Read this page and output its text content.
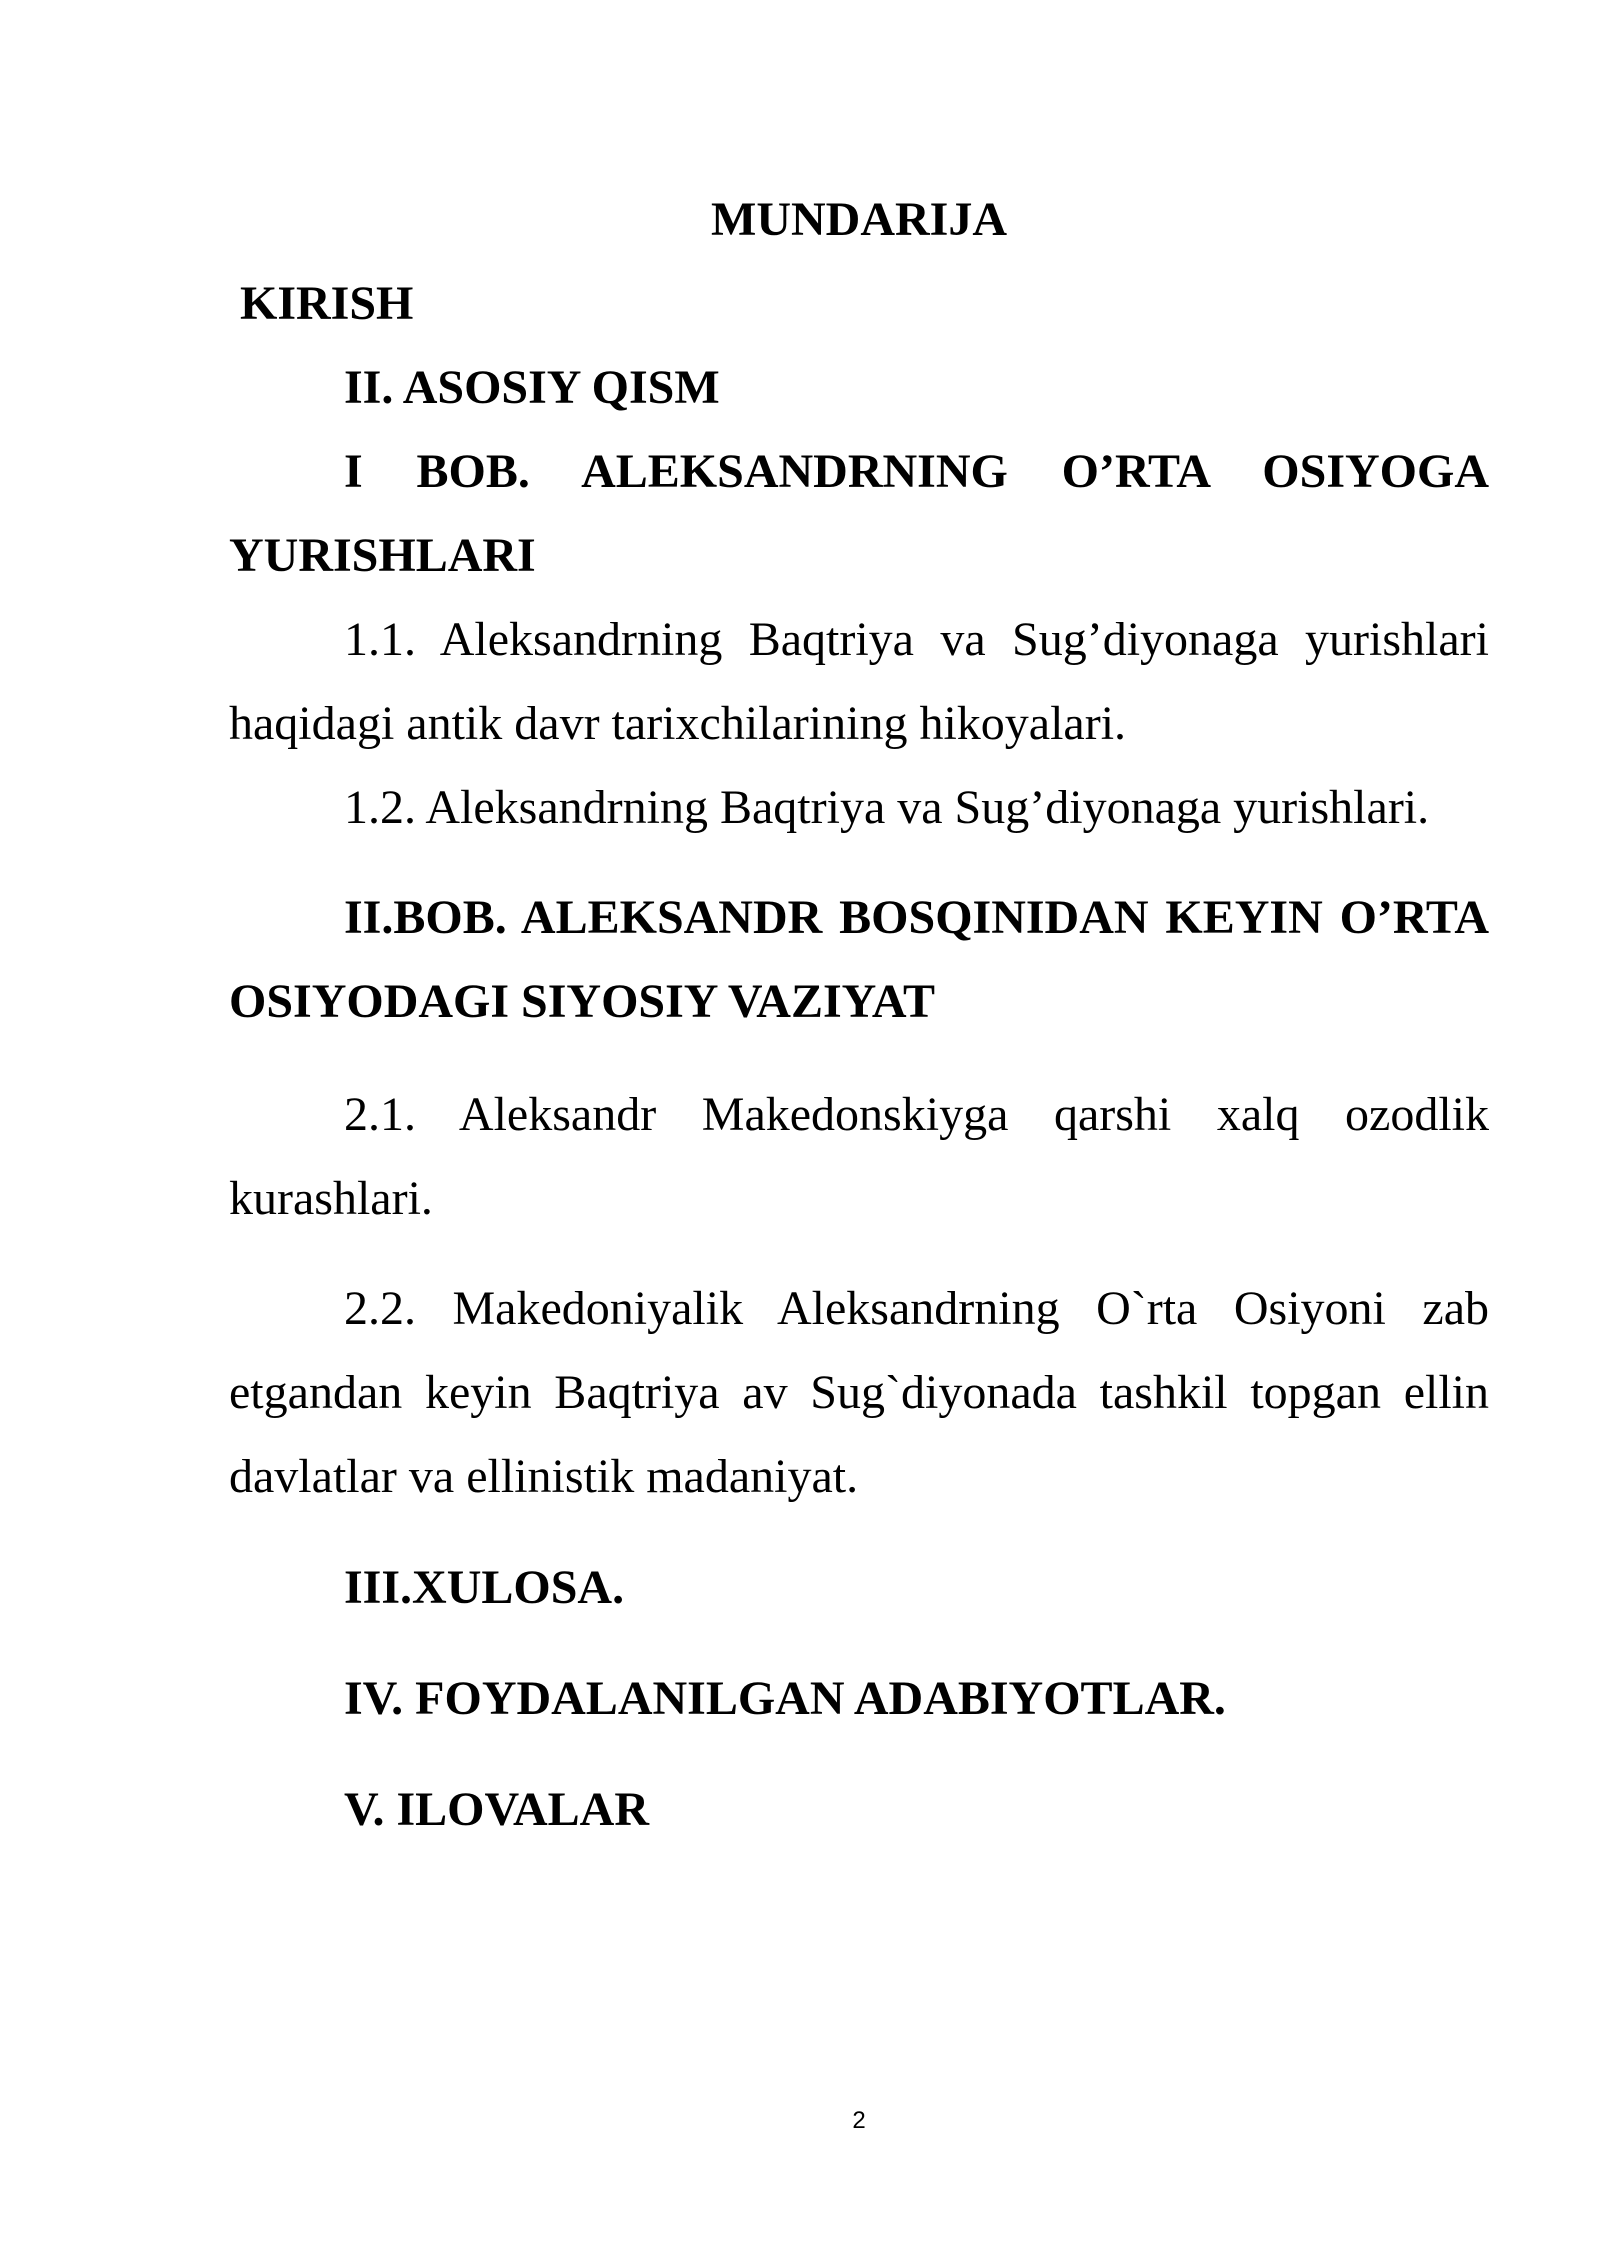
MUNDARIJA
KIRISH
II. ASOSIY QISM
I BOB. ALEKSANDRNING O’RTA OSIYOGA
YURISHLARI
1.1. Aleksandrning Baqtriya va Sug’diyonaga yurishlari
haqidagi antik davr tarixchilarining hikoyalari.
1.2. Aleksandrning Baqtriya va Sug’diyonaga yurishlari.
II.BOB. ALEKSANDR BOSQINIDAN KEYIN O’RTA
OSIYODAGI SIYOSIY VAZIYAT
2.1. Aleksandr Makedonskiyga qarshi xalq ozodlik
kurashlari.
2.2. Makedoniyalik Aleksandrning O`rta Osiyoni zab
etgandan keyin Baqtriya av Sug`diyonada tashkil topgan ellin
davlatlar va ellinistik madaniyat.
III.XULOSA.
IV. FOYDALANILGAN ADABIYOTLAR.
V. ILOVALAR
2
